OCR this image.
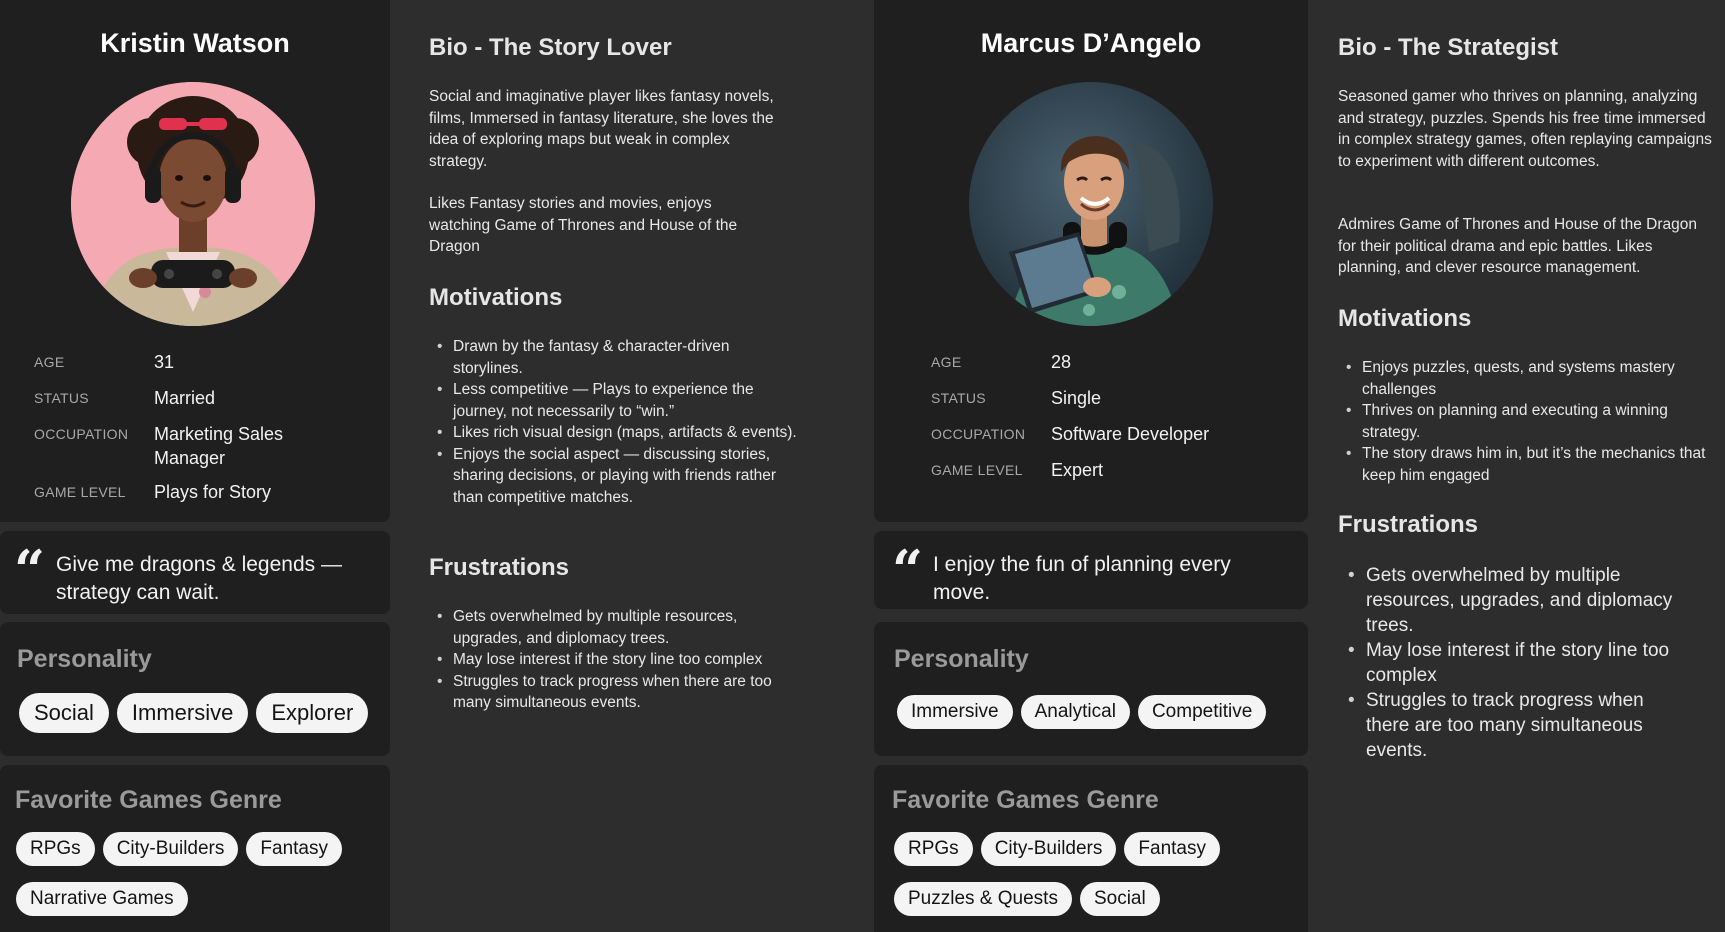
Kristin Watson
AGE	31
STATUS	Married
OCCUPATION Marketing Sales Manager
GAME LEVEL Plays for Story
“ Give me dragons & legends — strategy can wait.
Personality
Social	Immersive	Explorer
Favorite Games Genre
RPGs	City-Builders	Fantasy
Narrative Games
Bio - The Story Lover
Social and imaginative player likes fantasy novels, films, Immersed in fantasy literature, she loves the idea of exploring maps but weak in complex strategy.
Likes Fantasy stories and movies, enjoys watching Game of Thrones and House of the Dragon
Motivations
• Drawn by the fantasy & character-driven storylines.
• Less competitive — Plays to experience the journey, not necessarily to “win.”
• Likes rich visual design (maps, artifacts & events).
• Enjoys the social aspect — discussing stories, sharing decisions, or playing with friends rather than competitive matches.
Frustrations
• Gets overwhelmed by multiple resources, upgrades, and diplomacy trees.
• May lose interest if the story line too complex
• Struggles to track progress when there are too many simultaneous events.
Marcus D’Angelo
AGE	28
STATUS	Single
OCCUPATION Software Developer
GAME LEVEL Expert
“ I enjoy the fun of planning every move.
Personality
Immersive	Analytical	Competitive
Favorite Games Genre
RPGs	City-Builders	Fantasy
Puzzles & Quests	Social
Bio - The Strategist
Seasoned gamer who thrives on planning, analyzing and strategy, puzzles. Spends his free time immersed in complex strategy games, often replaying campaigns to experiment with different outcomes.
Admires Game of Thrones and House of the Dragon for their political drama and epic battles. Likes planning, and clever resource management.
Motivations
• Enjoys puzzles, quests, and systems mastery challenges
• Thrives on planning and executing a winning strategy.
• The story draws him in, but it’s the mechanics that keep him engaged
Frustrations
• Gets overwhelmed by multiple resources, upgrades, and diplomacy trees.
• May lose interest if the story line too complex
• Struggles to track progress when there are too many simultaneous events.
